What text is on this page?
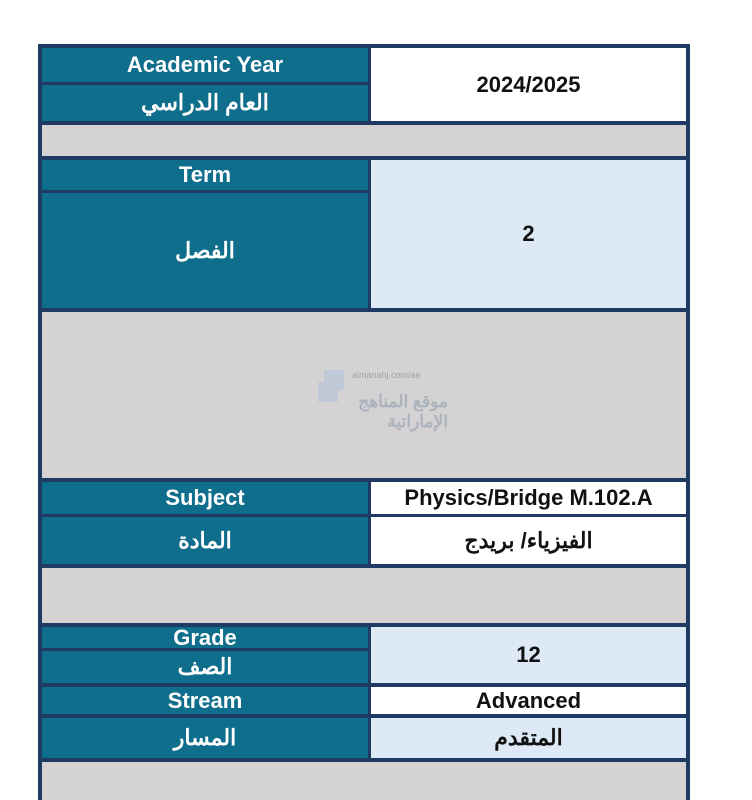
Academic Year
العام الدراسي
2024/2025
Term
الفصل
2
almanahj.com/ae
موقع المناهج الإماراتية
Subject
المادة
Physics/Bridge M.102.A
الفيزياء/ بريدج
Grade
الصف	12
Stream
المسار
Advanced
المتقدم
